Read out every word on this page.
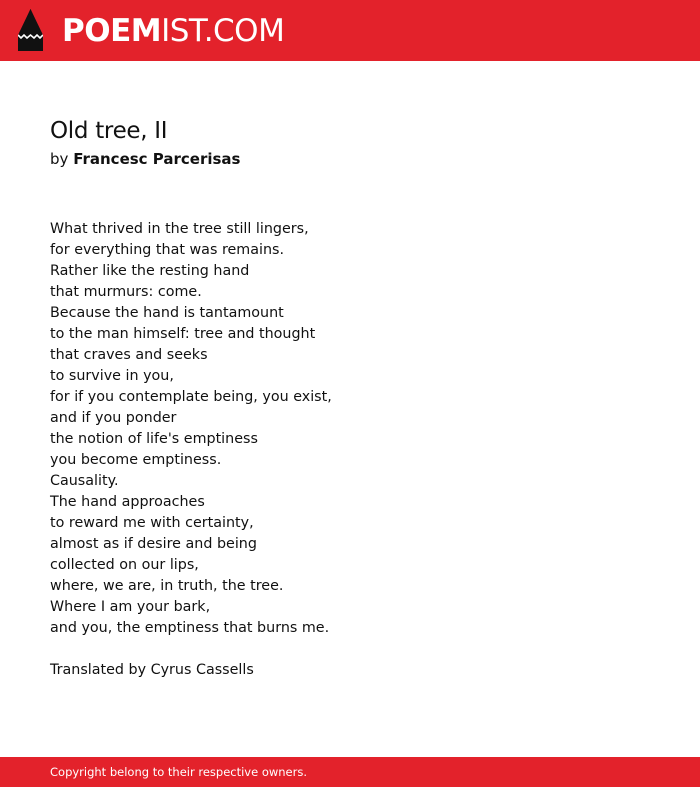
POEMIST.COM
Old tree, II
by Francesc Parcerisas
What thrived in the tree still lingers,
for everything that was remains.
Rather like the resting hand
that murmurs: come.
Because the hand is tantamount
to the man himself: tree and thought
that craves and seeks
to survive in you,
for if you contemplate being, you exist,
and if you ponder
the notion of life's emptiness
you become emptiness.
Causality.
The hand approaches
to reward me with certainty,
almost as if desire and being
collected on our lips,
where, we are, in truth, the tree.
Where I am your bark,
and you, the emptiness that burns me.
Translated by Cyrus Cassells
Copyright belong to their respective owners.
